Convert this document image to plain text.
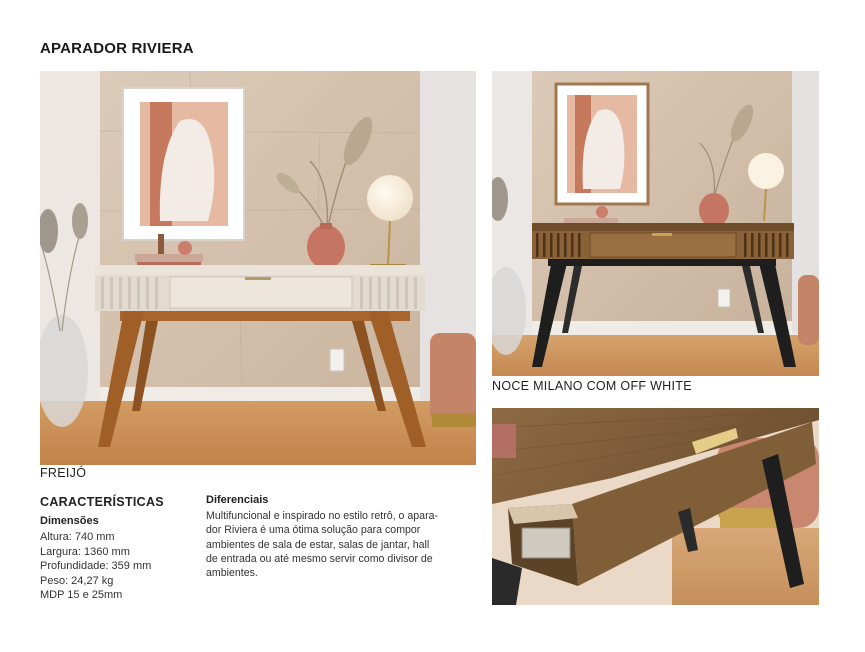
APARADOR RIVIERA
FREIJÓ
NOCE MILANO COM OFF WHITE
CARACTERÍSTICAS
Dimensões
Altura: 740 mm
Largura: 1360 mm
Profundidade: 359 mm
Peso: 24,27 kg
MDP 15 e 25mm
Diferenciais
Multifuncional e inspirado no estilo retrô, o apara-
dor Riviera é uma ótima solução para compor
ambientes de sala de estar, salas de jantar, hall
de entrada ou até mesmo servir como divisor de
ambientes.
